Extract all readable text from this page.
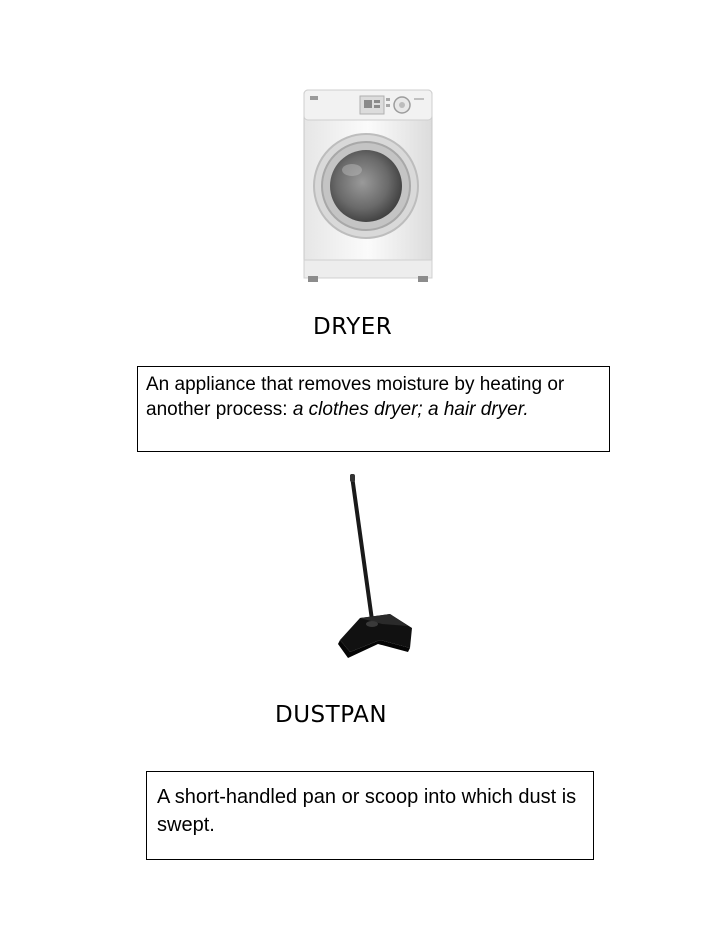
DRYER
An appliance that removes moisture by heating or another process: a clothes dryer; a hair dryer.
DUSTPAN
A short-handled pan or scoop into which dust is swept.
